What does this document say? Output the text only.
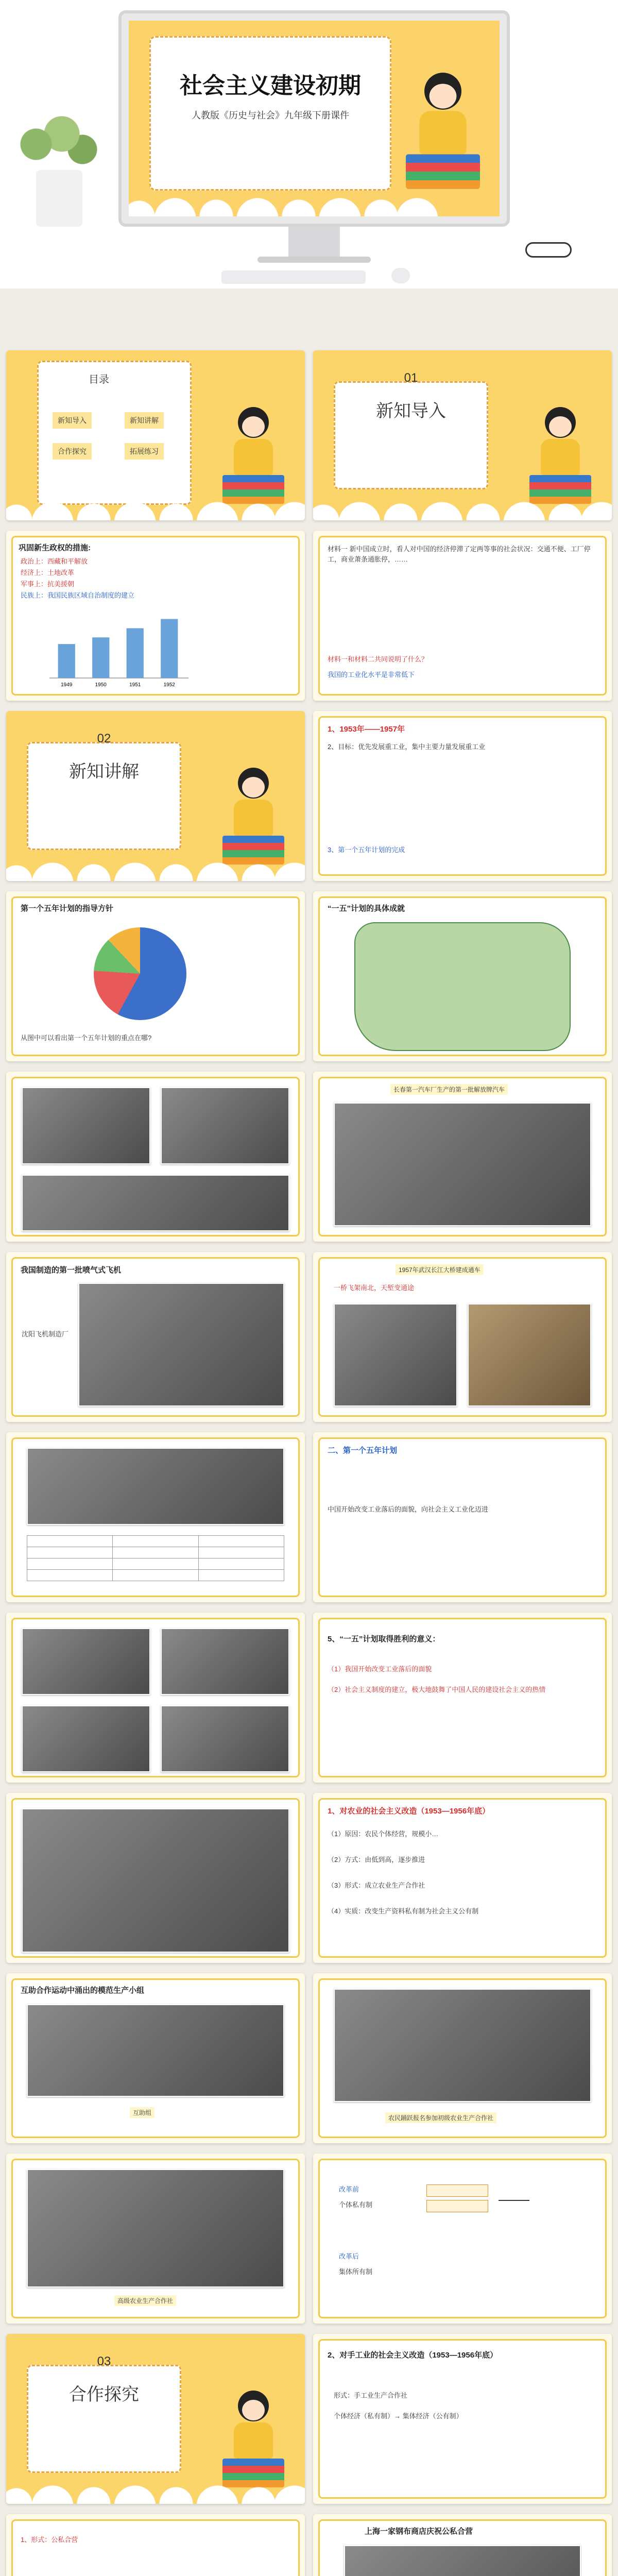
社会主义建设初期
人教版《历史与社会》九年级下册课件
目录
新知导入	新知讲解
合作探究	拓展练习
01
新知导入
巩固新生政权的措施:
政治上：西藏和平解放
经济上：土地改革
军事上：抗美援朝
民族上：我国民族区域自治制度的建立
1949	1950	1951	1952
材料一 新中国成立时，看人对中国的经济停滞了定两等事的社会状况：交通不便、工厂停工，商业萧条通胀停，……
材料一和材料二共同说明了什么？
我国的工业化水平是非常低下
02
新知讲解
1、1953年——1957年
2、目标：优先发展重工业，集中主要力量发展重工业
3、第一个五年计划的完成
第一个五年计划的指导方针
从图中可以看出第一个五年计划的重点在哪?
“一五”计划的具体成就
长春第一汽车厂生产的第一批解放牌汽车
我国制造的第一批喷气式飞机
沈阳飞机制造厂
1957年武汉长江大桥建成通车
一桥飞架南北，天堑变通途

二、第一个五年计划
中国开始改变工业落后的面貌，向社会主义工业化迈进
5、“一五”计划取得胜利的意义：
（1）我国开始改变工业落后的面貌
（2）社会主义制度的建立，极大地鼓舞了中国人民的建设社会主义的热情
1、对农业的社会主义改造（1953—1956年底）
（1）原因：农民个体经营，规模小…
（2）方式：由低到高，逐步推进
（3）形式：成立农业生产合作社
（4）实质：改变生产资料私有制为社会主义公有制
互助合作运动中涌出的模范生产小组
互助组
农民踊跃报名参加初级农业生产合作社
高级农业生产合作社
改革前
个体私有制
改革后
集体所有制
03
合作探究
2、对手工业的社会主义改造（1953—1956年底）
形式：手工业生产合作社
个体经济（私有制）→ 集体经济（公有制）
1、形式：公私合营
上海一家钢布商店庆祝公私合营
